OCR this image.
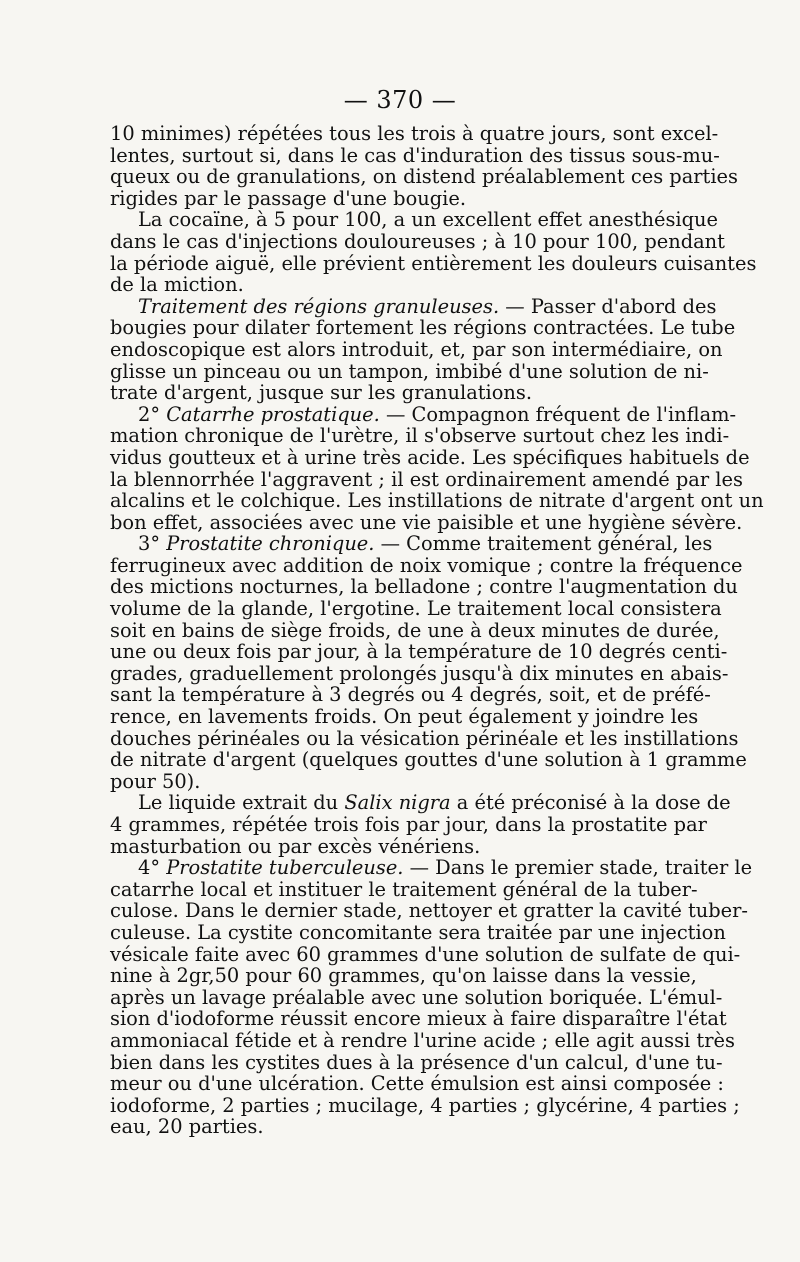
— 370 —
10 minimes) répétées tous les trois à quatre jours, sont excel-
lentes, surtout si, dans le cas d'induration des tissus sous-mu-
queux ou de granulations, on distend préalablement ces parties
rigides par le passage d'une bougie.
La cocaïne, à 5 pour 100, a un excellent effet anesthésique
dans le cas d'injections douloureuses ; à 10 pour 100, pendant
la période aiguë, elle prévient entièrement les douleurs cuisantes
de la miction.
Traitement des régions granuleuses. — Passer d'abord des
bougies pour dilater fortement les régions contractées. Le tube
endoscopique est alors introduit, et, par son intermédiaire, on
glisse un pinceau ou un tampon, imbibé d'une solution de ni-
trate d'argent, jusque sur les granulations.
2° Catarrhe prostatique. — Compagnon fréquent de l'inflam-
mation chronique de l'urètre, il s'observe surtout chez les indi-
vidus goutteux et à urine très acide. Les spécifiques habituels de
la blennorrhée l'aggravent ; il est ordinairement amendé par les
alcalins et le colchique. Les instillations de nitrate d'argent ont un
bon effet, associées avec une vie paisible et une hygiène sévère.
3° Prostatite chronique. — Comme traitement général, les
ferrugineux avec addition de noix vomique ; contre la fréquence
des mictions nocturnes, la belladone ; contre l'augmentation du
volume de la glande, l'ergotine. Le traitement local consistera
soit en bains de siège froids, de une à deux minutes de durée,
une ou deux fois par jour, à la température de 10 degrés centi-
grades, graduellement prolongés jusqu'à dix minutes en abais-
sant la température à 3 degrés ou 4 degrés, soit, et de préfé-
rence, en lavements froids. On peut également y joindre les
douches périnéales ou la vésication périnéale et les instillations
de nitrate d'argent (quelques gouttes d'une solution à 1 gramme
pour 50).
Le liquide extrait du Salix nigra a été préconisé à la dose de
4 grammes, répétée trois fois par jour, dans la prostatite par
masturbation ou par excès vénériens.
4° Prostatite tuberculeuse. — Dans le premier stade, traiter le
catarrhe local et instituer le traitement général de la tuber-
culose. Dans le dernier stade, nettoyer et gratter la cavité tuber-
culeuse. La cystite concomitante sera traitée par une injection
vésicale faite avec 60 grammes d'une solution de sulfate de qui-
nine à 2gr,50 pour 60 grammes, qu'on laisse dans la vessie,
après un lavage préalable avec une solution boriquée. L'émul-
sion d'iodoforme réussit encore mieux à faire disparaître l'état
ammoniacal fétide et à rendre l'urine acide ; elle agit aussi très
bien dans les cystites dues à la présence d'un calcul, d'une tu-
meur ou d'une ulcération. Cette émulsion est ainsi composée :
iodoforme, 2 parties ; mucilage, 4 parties ; glycérine, 4 parties ;
eau, 20 parties.
